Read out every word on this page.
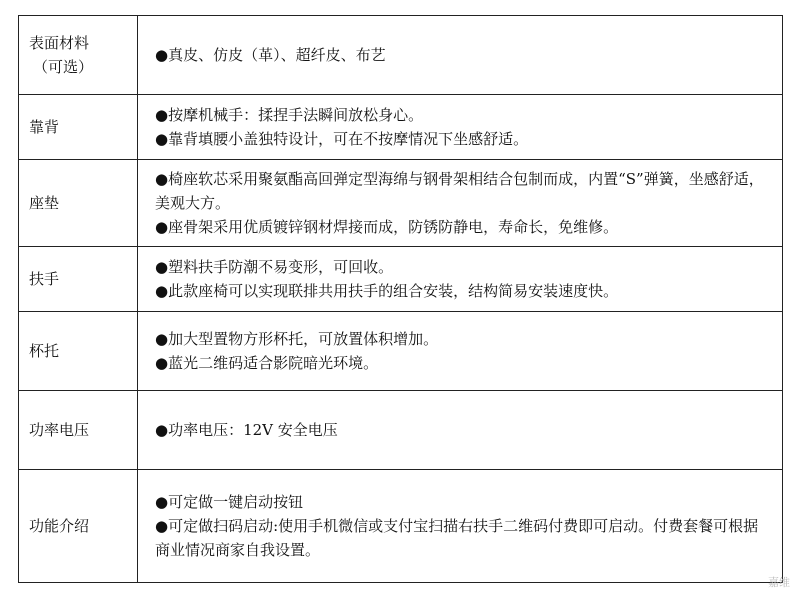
表面材料
（可选）	●真皮、仿皮（革）、超纤皮、布艺

靠背	●按摩机械手：揉捏手法瞬间放松身心。
●靠背填腰小盖独特设计，可在不按摩情况下坐感舒适。

座垫	●椅座软芯采用聚氨酯高回弹定型海绵与钢骨架相结合包制而成，内置“S”弹簧，坐感舒适，美观大方。
●座骨架采用优质镀锌钢材焊接而成，防锈防静电，寿命长，免维修。

扶手	●塑料扶手防潮不易变形，可回收。
●此款座椅可以实现联排共用扶手的组合安装，结构简易安装速度快。

杯托	●加大型置物方形杯托，可放置体积增加。
●蓝光二维码适合影院暗光环境。

功率电压	●功率电压：12V 安全电压

功能介绍	●可定做一键启动按钮
●可定做扫码启动:使用手机微信或支付宝扫描右扶手二维码付费即可启动。付费套餐可根据商业情况商家自我设置。
嘉维
